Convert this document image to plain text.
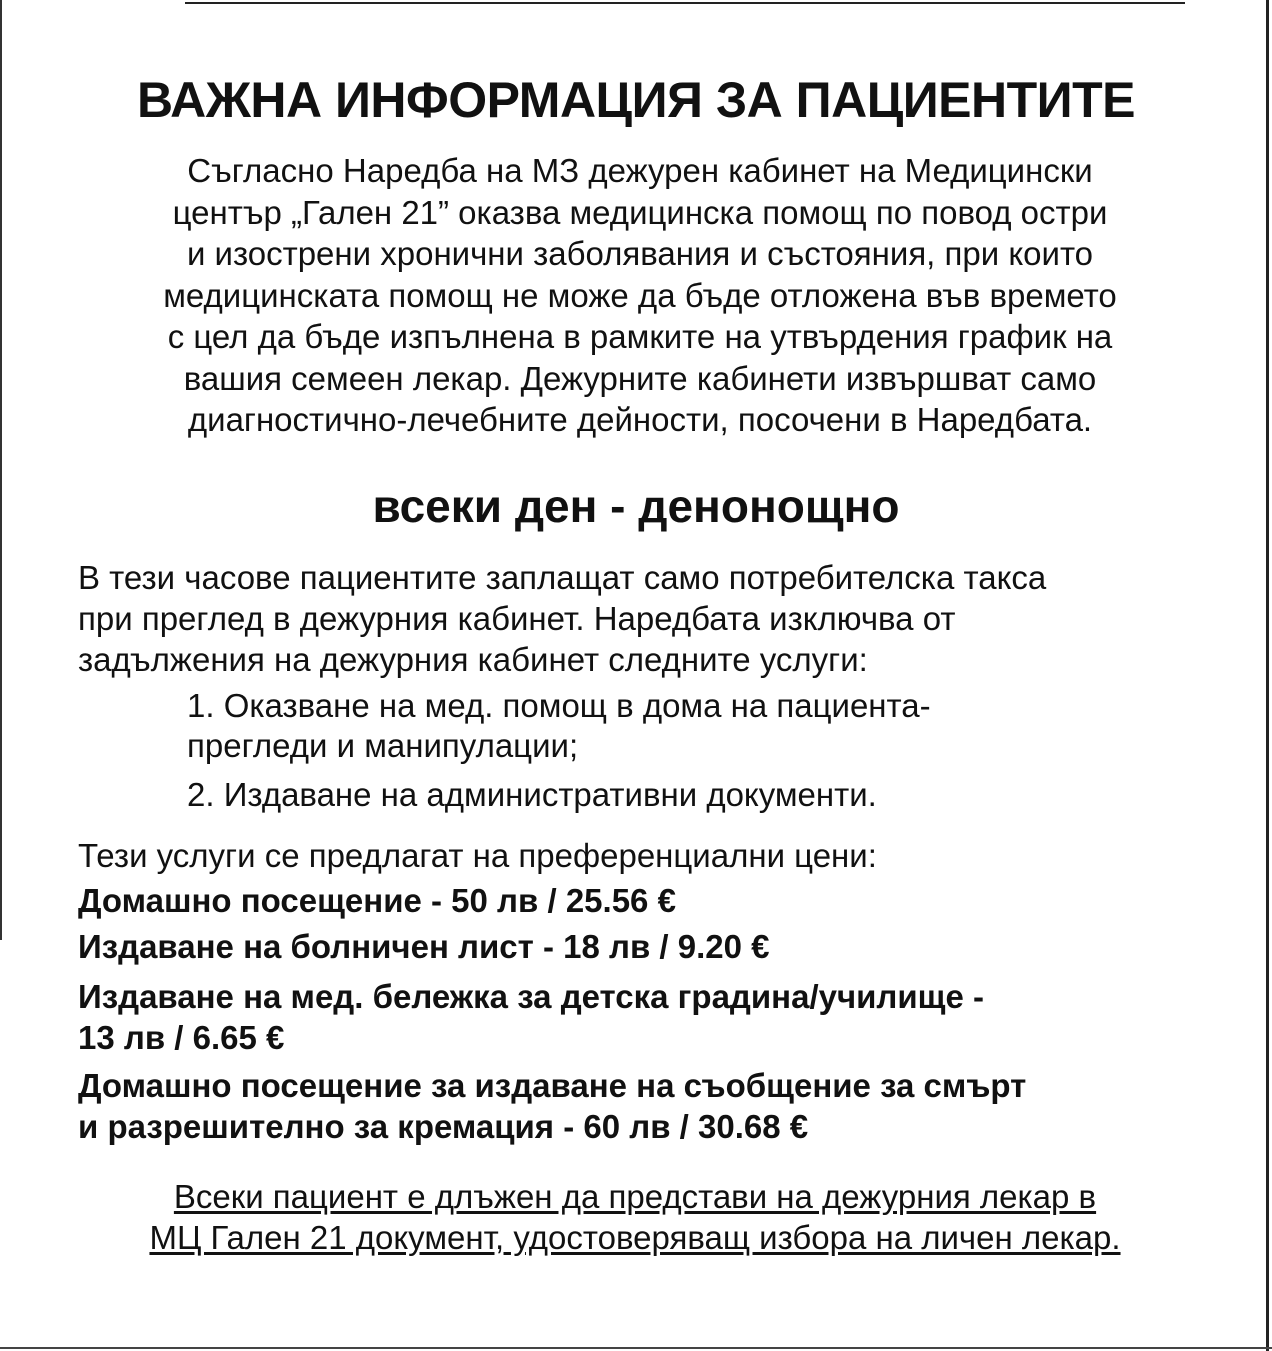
ВАЖНА ИНФОРМАЦИЯ ЗА ПАЦИЕНТИТЕ
Съгласно Наредба на МЗ дежурен кабинет на Медицински
център „Гален 21” оказва медицинска помощ по повод остри
и изострени хронични заболявания и състояния, при които
медицинската помощ не може да бъде отложена във времето
с цел да бъде изпълнена в рамките на утвърдения график на
вашия семеен лекар. Дежурните кабинети извършват само
диагностично-лечебните дейности, посочени в Наредбата.
всеки ден - денонощно
В тези часове пациентите заплащат само потребителска такса
при преглед в дежурния кабинет. Наредбата изключва от
задължения на дежурния кабинет следните услуги:
1. Оказване на мед. помощ в дома на пациента-
прегледи и манипулации;
2. Издаване на административни документи.
Тези услуги се предлагат на преференциални цени:
Домашно посещение - 50 лв / 25.56 €
Издаване на болничен лист - 18 лв / 9.20 €
Издаване на мед. бележка за детска градина/училище -
13 лв / 6.65 €
Домашно посещение за издаване на съобщение за смърт
и разрешително за кремация - 60 лв / 30.68 €
Всеки пациент е длъжен да представи на дежурния лекар в
МЦ Гален 21 документ, удостоверяващ избора на личен лекар.
